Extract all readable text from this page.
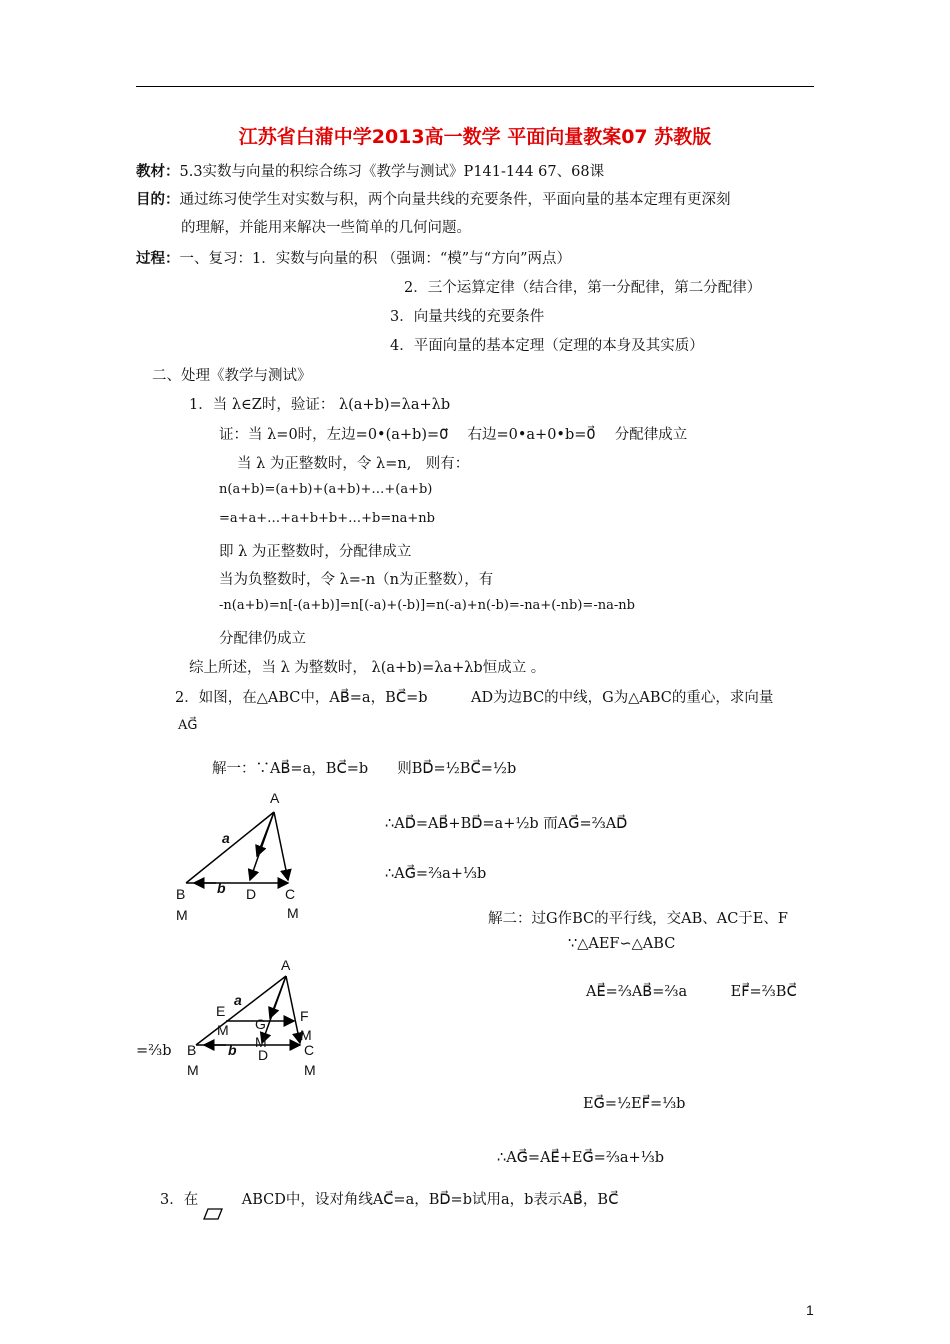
江苏省白蒲中学2013高一数学 平面向量教案07 苏教版
教材：5.3实数与向量的积综合练习《教学与测试》P141-144 67、68课
目的：通过练习使学生对实数与积，两个向量共线的充要条件，平面向量的基本定理有更深刻
的理解，并能用来解决一些简单的几何问题。
过程：一、复习：1．实数与向量的积 （强调：“模”与“方向”两点）
2．三个运算定律（结合律，第一分配律，第二分配律）
3．向量共线的充要条件
4．平面向量的基本定理（定理的本身及其实质）
二、处理《教学与测试》
1．当 λ∈Z时，验证： λ(a+b)=λa+λb
证：当 λ=0时，左边=0•(a+b)=0⃗ 　右边=0•a+0•b=0⃗ 　分配律成立
当 λ 为正整数时，令 λ=n,　则有：
n(a+b)=(a+b)+(a+b)+…+(a+b)
=a+a+…+a+b+b+…+b=na+nb
即 λ 为正整数时，分配律成立
当为负整数时，令 λ=-n（n为正整数），有
-n(a+b)=n[-(a+b)]=n[(-a)+(-b)]=n(-a)+n(-b)=-na+(-nb)=-na-nb
分配律仍成立
综上所述，当 λ 为整数时， λ(a+b)=λa+λb恒成立 。
2．如图，在△ABC中，AB⃗=a，BC⃗=b　　　AD为边BC的中线，G为△ABC的重心，求向量
AG⃗
解一：∵AB⃗=a，BC⃗=b　　则BD⃗=½BC⃗=½b
∴AD⃗=AB⃗+BD⃗=a+½b 而AG⃗=⅔AD⃗
∴AG⃗=⅔a+⅓b
解二：过G作BC的平行线，交AB、AC于E、F
∵△AEF∽△ABC
AE⃗=⅔AB⃗=⅔a　　　EF⃗=⅔BC⃗
=⅔b
EG⃗=½EF⃗=⅓b
∴AG⃗=AE⃗+EG⃗=⅔a+⅓b
3．在　　　ABCD中，设对角线AC⃗=a，BD⃗=b试用a，b表示AB⃗，BC⃗
A
a
B b D C
M	M
A
a
E
M G
M
F
M
B b D	C
M	M
1
